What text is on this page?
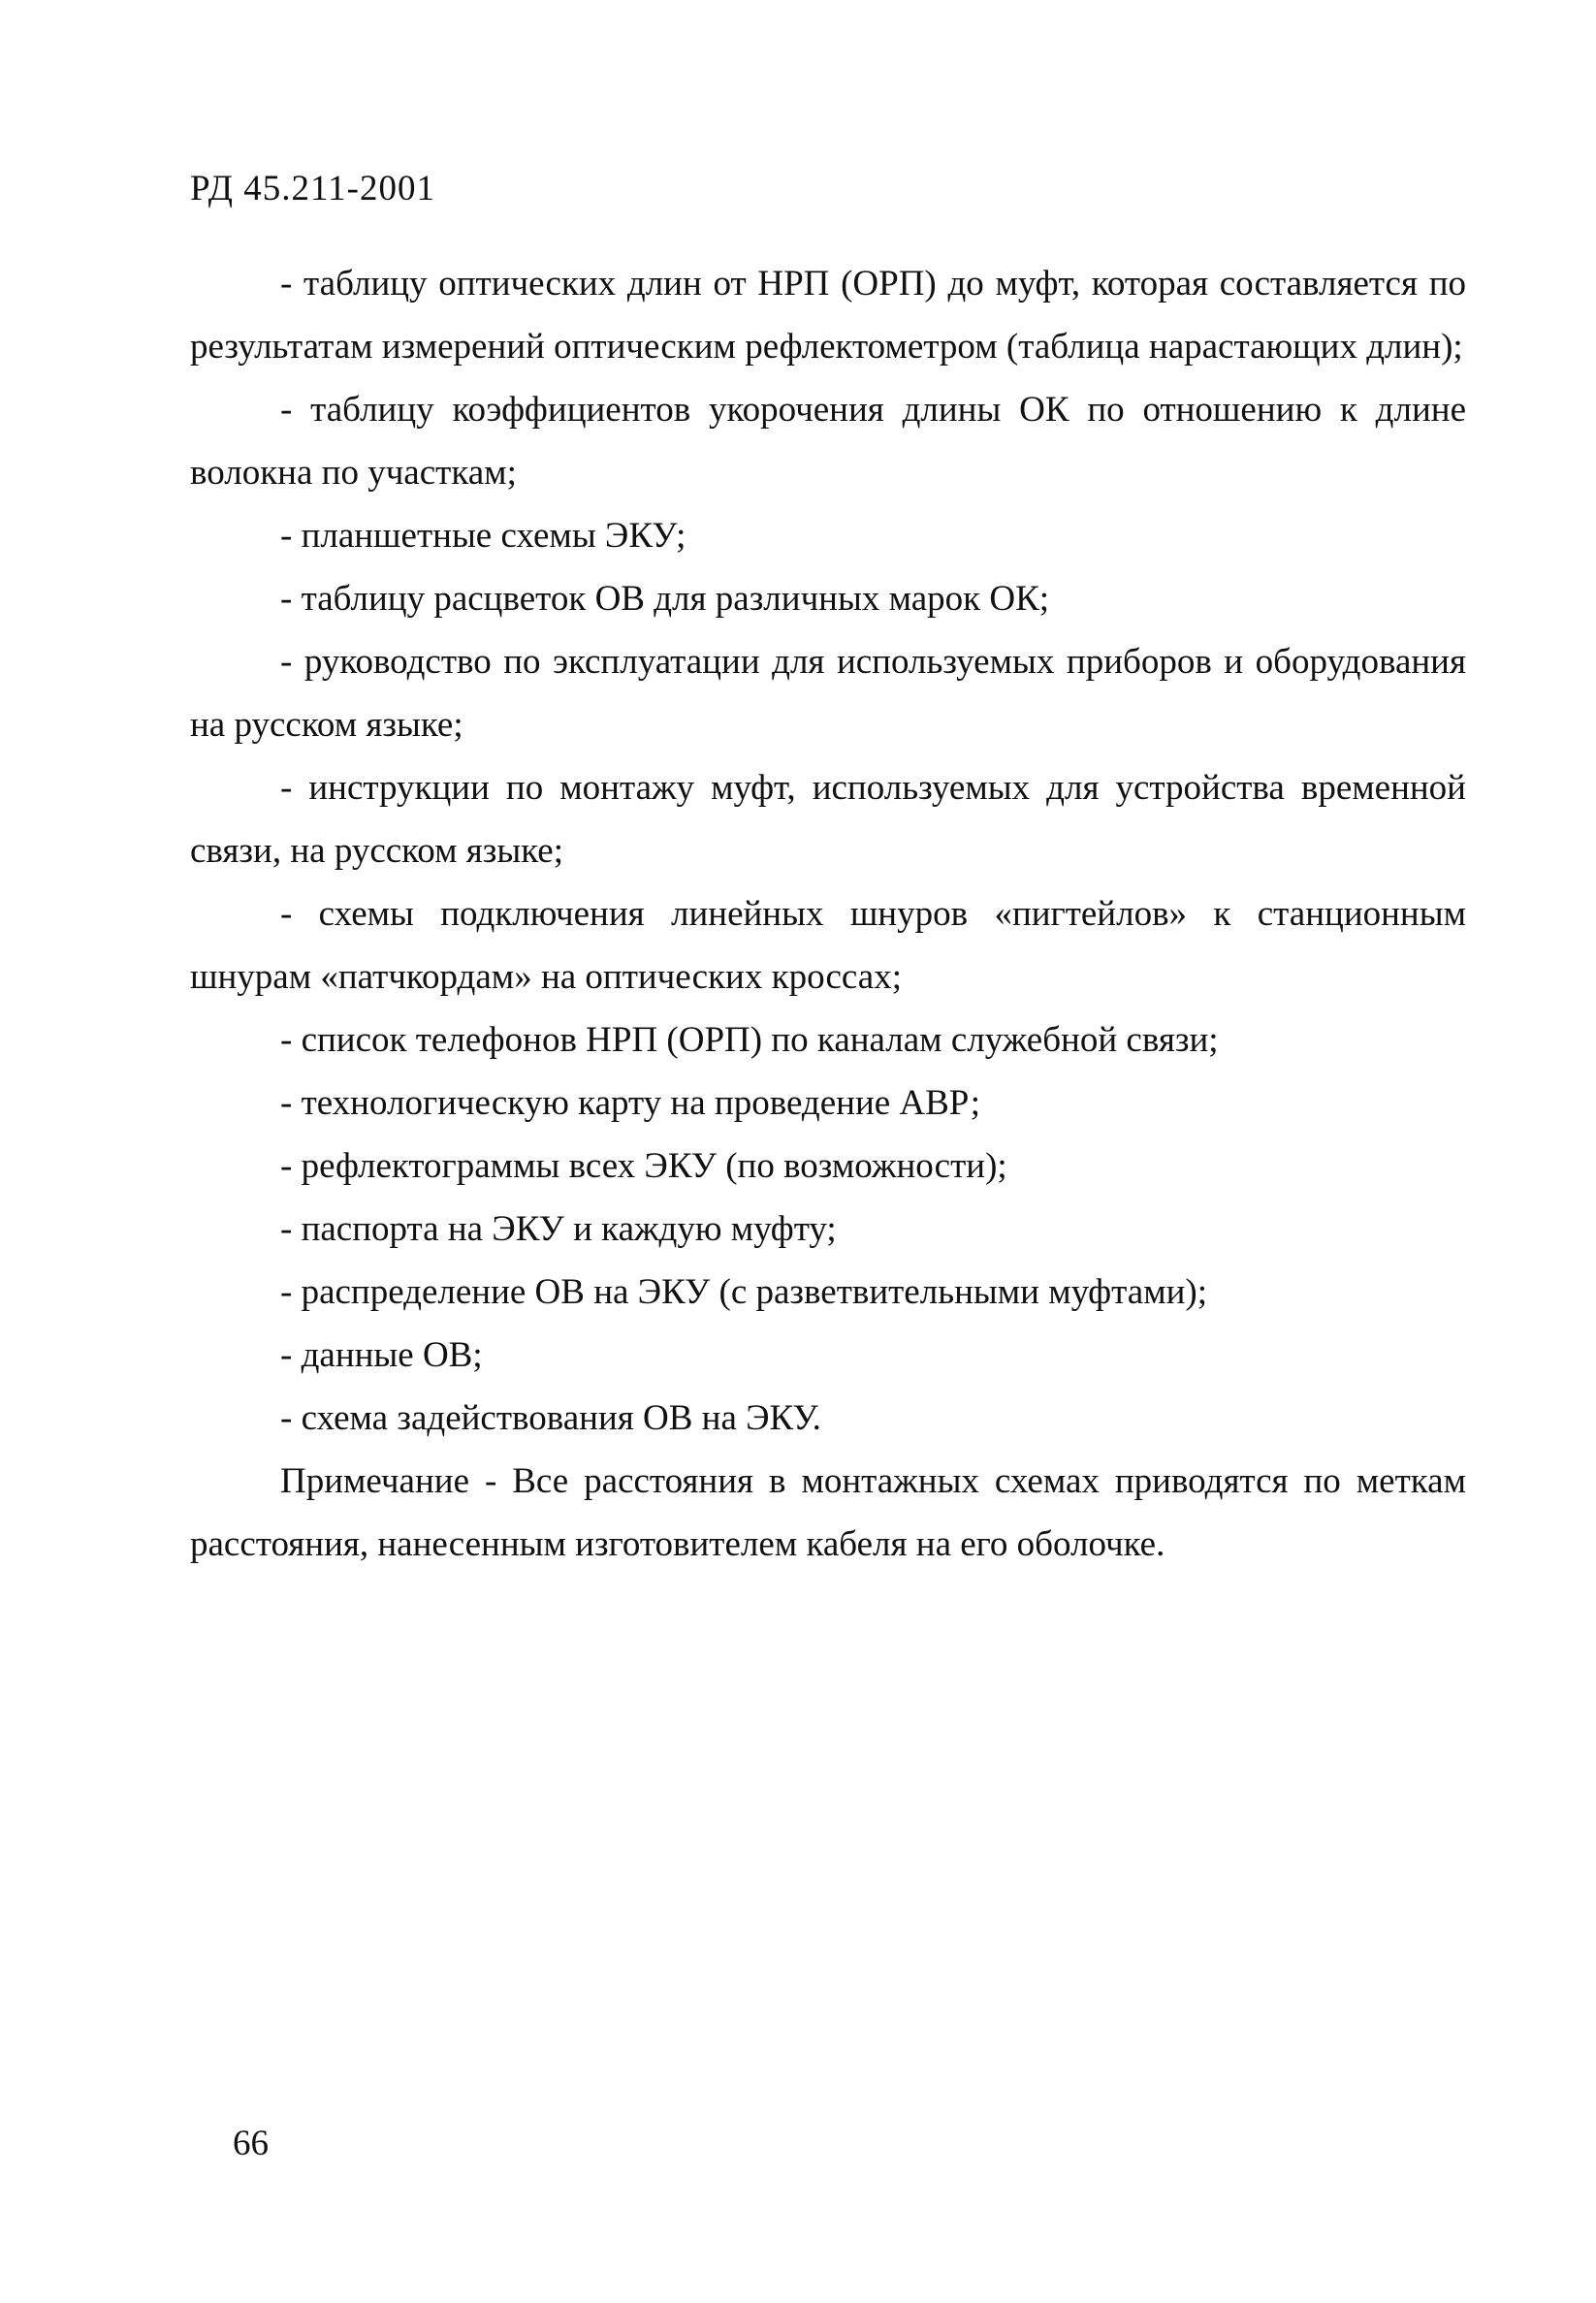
РД 45.211-2001

- таблицу оптических длин от НРП (ОРП) до муфт, которая составляется по результатам измерений оптическим рефлектометром (таблица нарастающих длин);

- таблицу коэффициентов укорочения длины ОК по отношению к длине волокна по участкам;

- планшетные схемы ЭКУ;

- таблицу расцветок ОВ для различных марок ОК;

- руководство по эксплуатации для используемых приборов и оборудования на русском языке;

- инструкции по монтажу муфт, используемых для устройства временной связи, на русском языке;

- схемы подключения линейных шнуров «пигтейлов» к станционным шнурам «патчкордам» на оптических кроссах;

- список телефонов НРП (ОРП) по каналам служебной связи;

- технологическую карту на проведение АВР;

- рефлектограммы всех ЭКУ (по возможности);

- паспорта на ЭКУ и каждую муфту;

- распределение ОВ на ЭКУ (с разветвительными муфтами);

- данные ОВ;

- схема задействования ОВ на ЭКУ.

Примечание - Все расстояния в монтажных схемах приводятся по меткам расстояния, нанесенным изготовителем кабеля на его оболочке.

66
